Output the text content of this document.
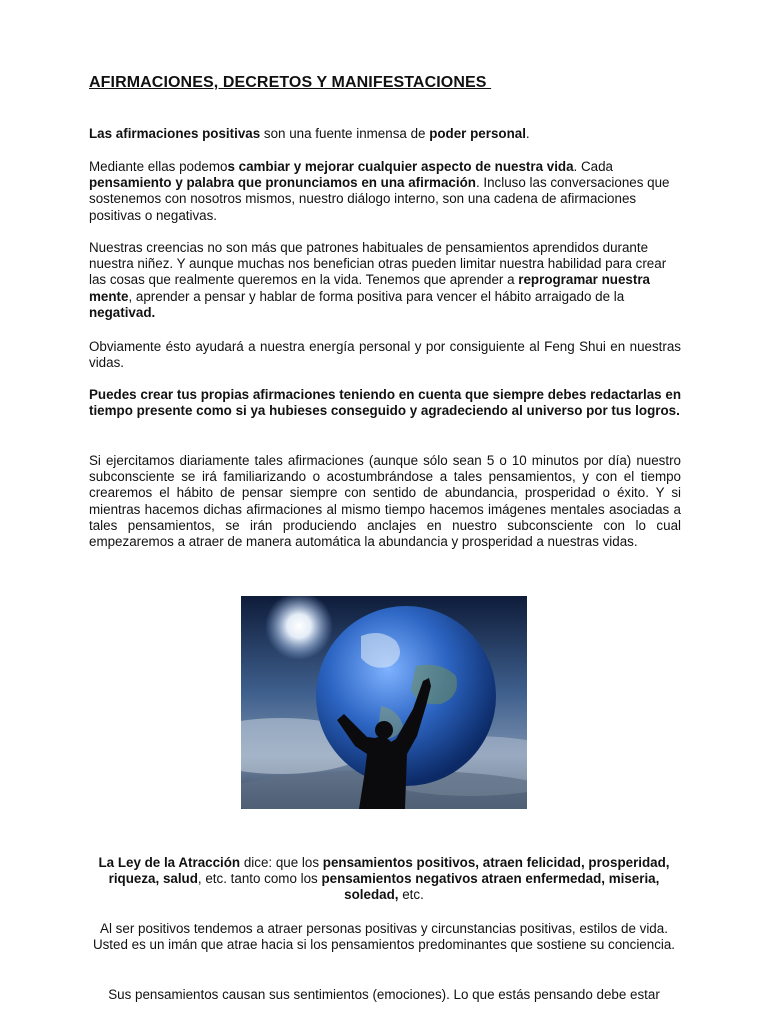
AFIRMACIONES, DECRETOS Y MANIFESTACIONES

Las afirmaciones positivas son una fuente inmensa de poder personal.

Mediante ellas podemos cambiar y mejorar cualquier aspecto de nuestra vida. Cada pensamiento y palabra que pronunciamos en una afirmación. Incluso las conversaciones que sostenemos con nosotros mismos, nuestro diálogo interno, son una cadena de afirmaciones positivas o negativas.

Nuestras creencias no son más que patrones habituales de pensamientos aprendidos durante nuestra niñez. Y aunque muchas nos benefician otras pueden limitar nuestra habilidad para crear las cosas que realmente queremos en la vida. Tenemos que aprender a reprogramar nuestra mente, aprender a pensar y hablar de forma positiva para vencer el hábito arraigado de la negativad.

Obviamente ésto ayudará a nuestra energía personal y por consiguiente al Feng Shui en nuestras vidas.

Puedes crear tus propias afirmaciones teniendo en cuenta que siempre debes redactarlas en tiempo presente como si ya hubieses conseguido y agradeciendo al universo por tus logros.

Si ejercitamos diariamente tales afirmaciones (aunque sólo sean 5 o 10 minutos por día) nuestro subconsciente se irá familiarizando o acostumbrándose a tales pensamientos, y con el tiempo crearemos el hábito de pensar siempre con sentido de abundancia, prosperidad o éxito. Y si mientras hacemos dichas afirmaciones al mismo tiempo hacemos imágenes mentales asociadas a tales pensamientos, se irán produciendo anclajes en nuestro subconsciente con lo cual empezaremos a atraer de manera automática la abundancia y prosperidad a nuestras vidas.

La Ley de la Atracción dice: que los pensamientos positivos, atraen felicidad, prosperidad, riqueza, salud, etc. tanto como los pensamientos negativos atraen enfermedad, miseria, soledad, etc.

Al ser positivos tendemos a atraer personas positivas y circunstancias positivas, estilos de vida. Usted es un imán que atrae hacia si los pensamientos predominantes que sostiene su conciencia.

Sus pensamientos causan sus sentimientos (emociones). Lo que estás pensando debe estar
